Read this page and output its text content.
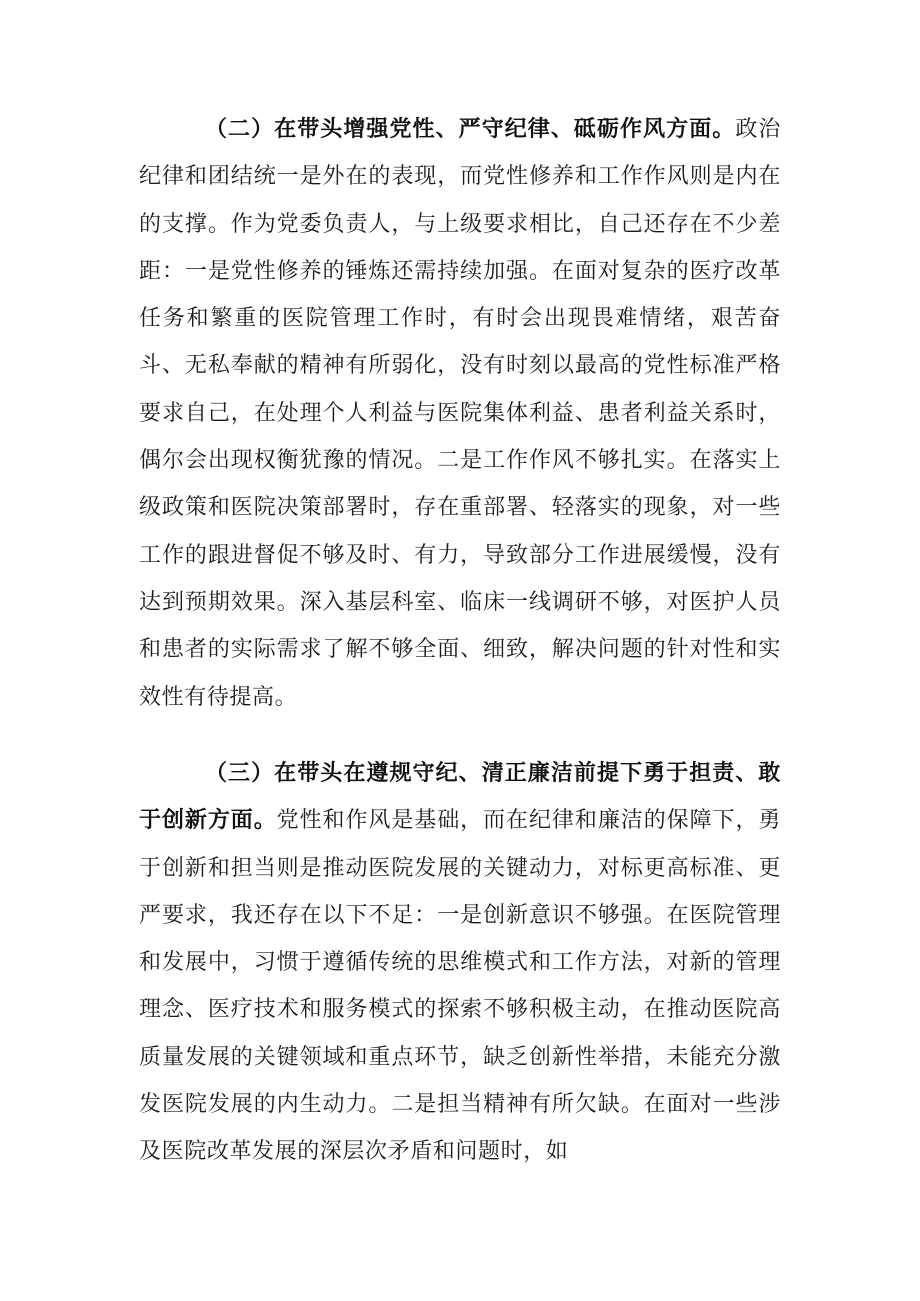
（二）在带头增强党性、严守纪律、砥砺作风方面。政治纪律和团结统一是外在的表现，而党性修养和工作作风则是内在的支撑。作为党委负责人，与上级要求相比，自己还存在不少差距：一是党性修养的锤炼还需持续加强。在面对复杂的医疗改革任务和繁重的医院管理工作时，有时会出现畏难情绪，艰苦奋斗、无私奉献的精神有所弱化，没有时刻以最高的党性标准严格要求自己，在处理个人利益与医院集体利益、患者利益关系时，偶尔会出现权衡犹豫的情况。二是工作作风不够扎实。在落实上级政策和医院决策部署时，存在重部署、轻落实的现象，对一些工作的跟进督促不够及时、有力，导致部分工作进展缓慢，没有达到预期效果。深入基层科室、临床一线调研不够，对医护人员和患者的实际需求了解不够全面、细致，解决问题的针对性和实效性有待提高。

（三）在带头在遵规守纪、清正廉洁前提下勇于担责、敢于创新方面。党性和作风是基础，而在纪律和廉洁的保障下，勇于创新和担当则是推动医院发展的关键动力，对标更高标准、更严要求，我还存在以下不足：一是创新意识不够强。在医院管理和发展中，习惯于遵循传统的思维模式和工作方法，对新的管理理念、医疗技术和服务模式的探索不够积极主动，在推动医院高质量发展的关键领域和重点环节，缺乏创新性举措，未能充分激发医院发展的内生动力。二是担当精神有所欠缺。在面对一些涉及医院改革发展的深层次矛盾和问题时，如
